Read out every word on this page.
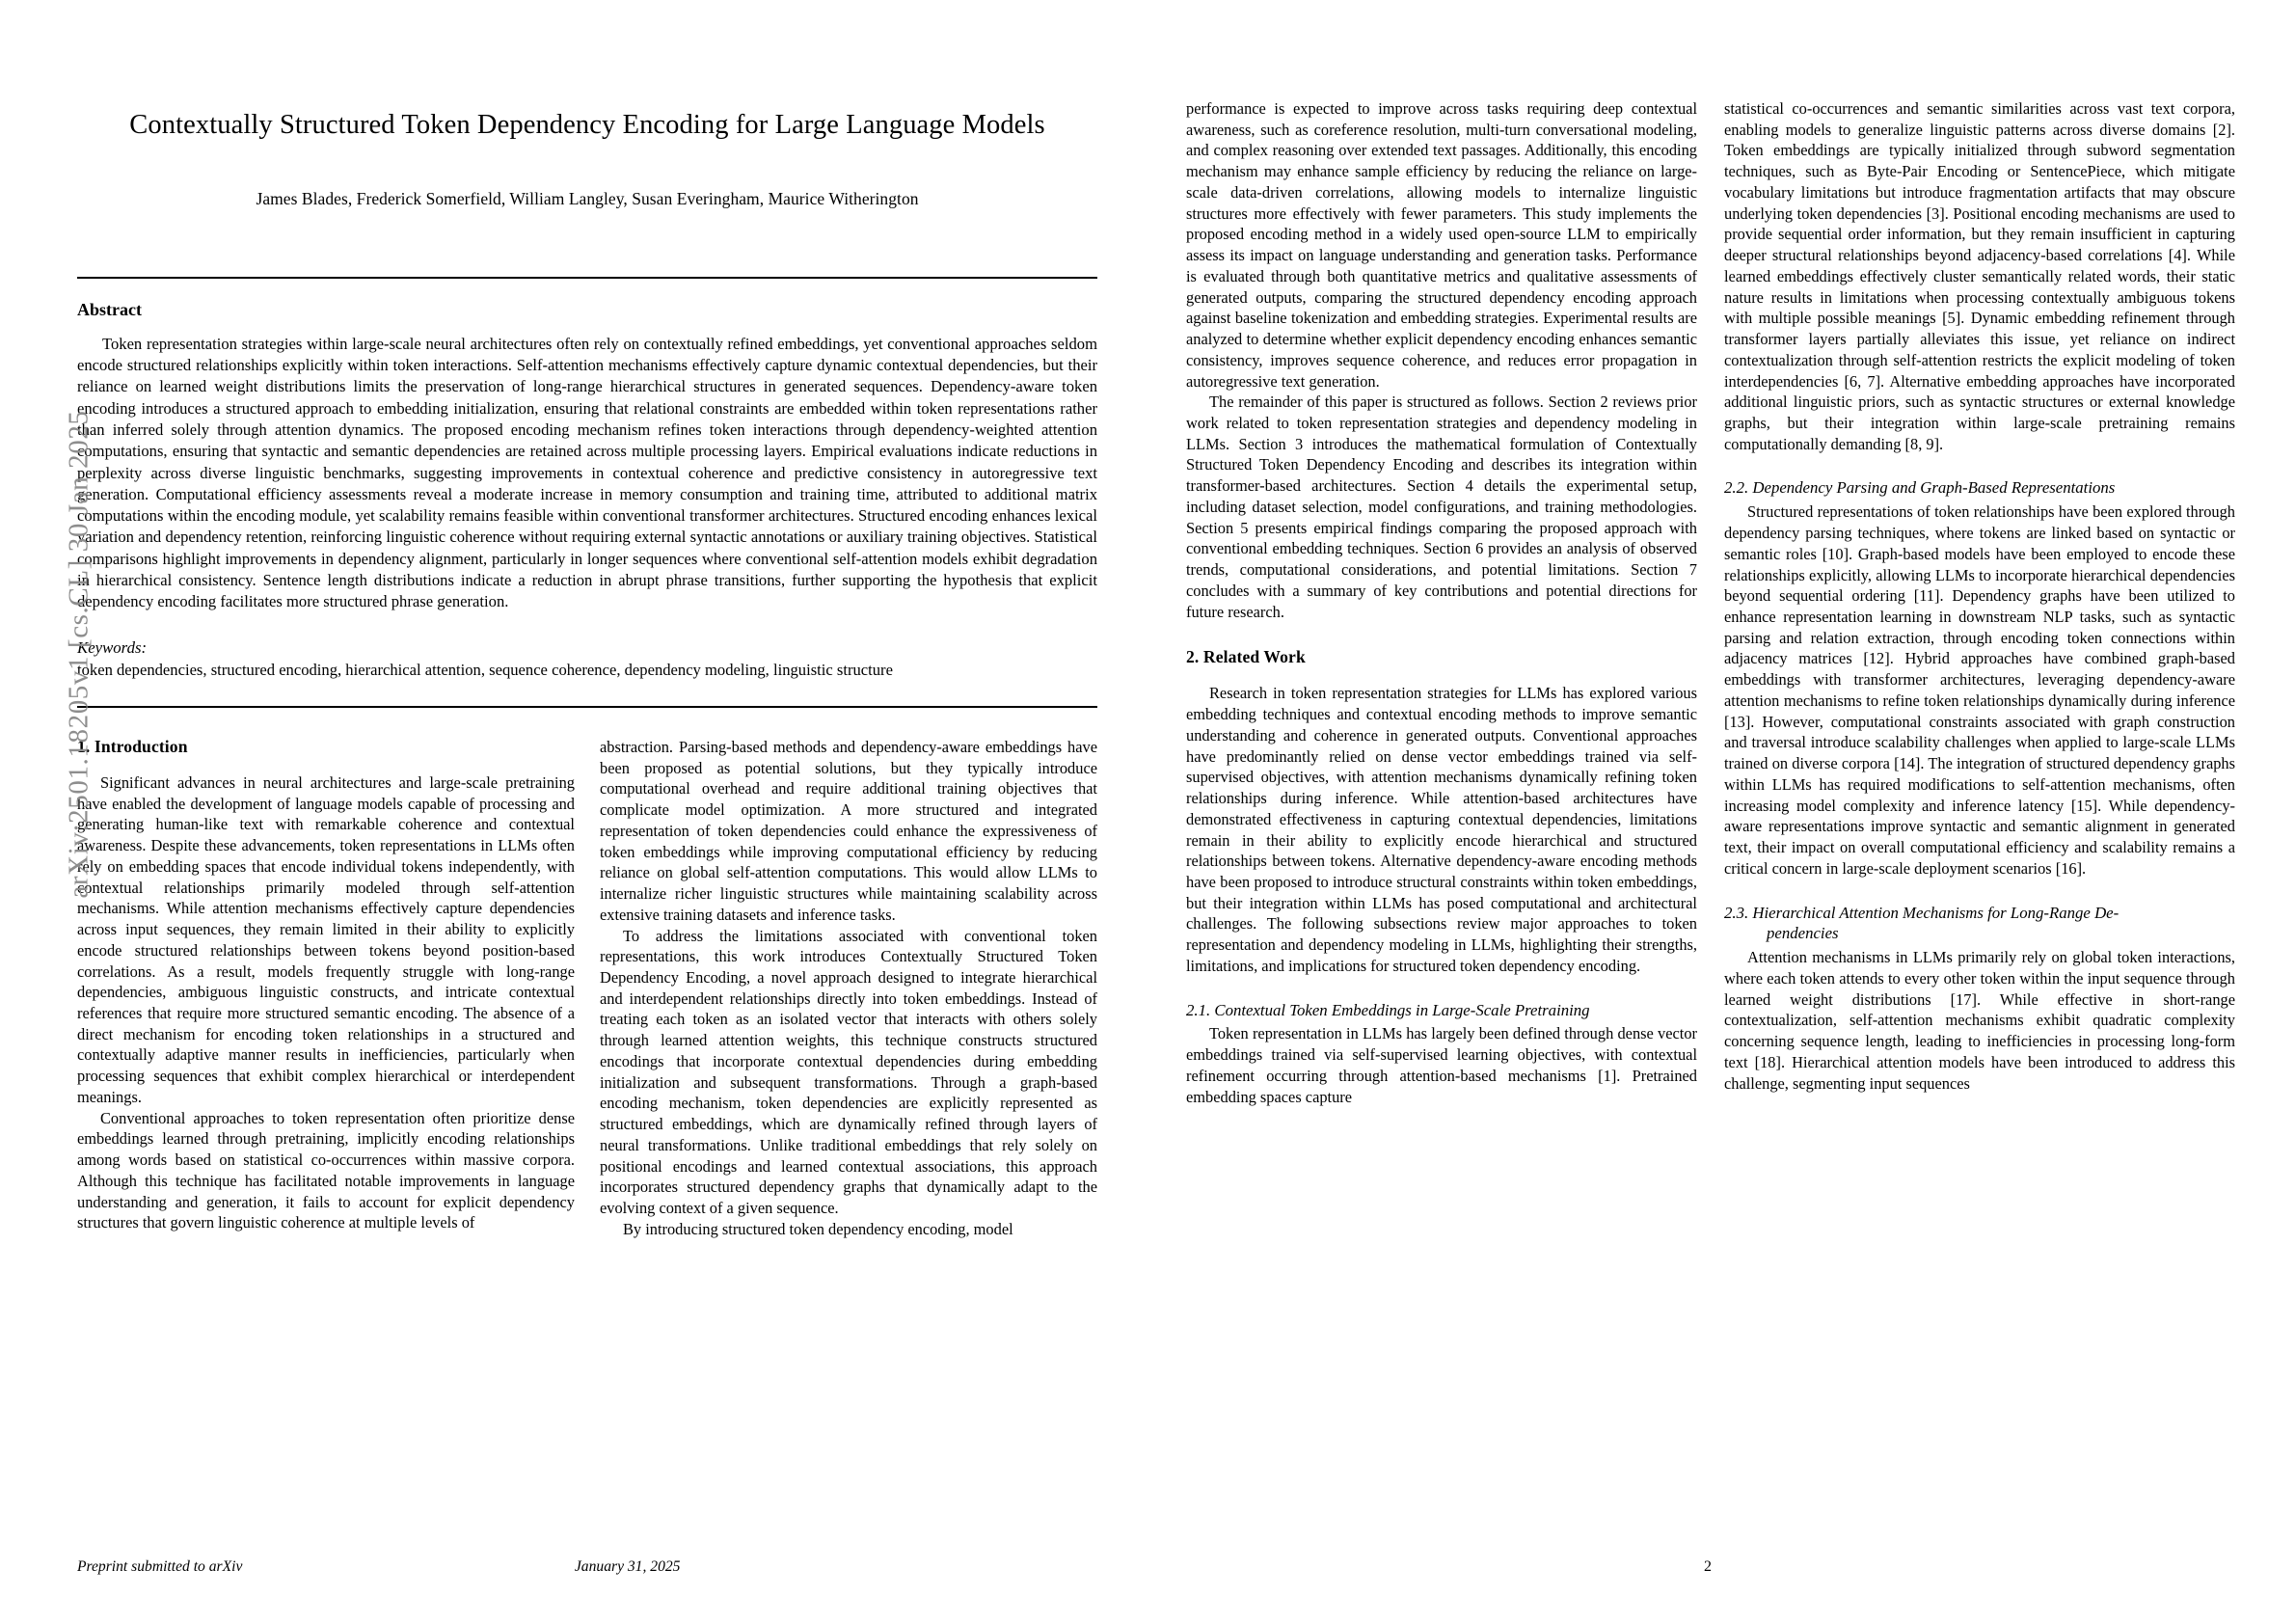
arXiv:2501.18205v1 [cs.CL] 30 Jan 2025
Contextually Structured Token Dependency Encoding for Large Language Models
James Blades, Frederick Somerfield, William Langley, Susan Everingham, Maurice Witherington
Abstract

Token representation strategies within large-scale neural architectures often rely on contextually refined embeddings, yet conventional approaches seldom encode structured relationships explicitly within token interactions. Self-attention mechanisms effectively capture dynamic contextual dependencies, but their reliance on learned weight distributions limits the preservation of long-range hierarchical structures in generated sequences. Dependency-aware token encoding introduces a structured approach to embedding initialization, ensuring that relational constraints are embedded within token representations rather than inferred solely through attention dynamics. The proposed encoding mechanism refines token interactions through dependency-weighted attention computations, ensuring that syntactic and semantic dependencies are retained across multiple processing layers. Empirical evaluations indicate reductions in perplexity across diverse linguistic benchmarks, suggesting improvements in contextual coherence and predictive consistency in autoregressive text generation. Computational efficiency assessments reveal a moderate increase in memory consumption and training time, attributed to additional matrix computations within the encoding module, yet scalability remains feasible within conventional transformer architectures. Structured encoding enhances lexical variation and dependency retention, reinforcing linguistic coherence without requiring external syntactic annotations or auxiliary training objectives. Statistical comparisons highlight improvements in dependency alignment, particularly in longer sequences where conventional self-attention models exhibit degradation in hierarchical consistency. Sentence length distributions indicate a reduction in abrupt phrase transitions, further supporting the hypothesis that explicit dependency encoding facilitates more structured phrase generation.

Keywords:
token dependencies, structured encoding, hierarchical attention, sequence coherence, dependency modeling, linguistic structure
1. Introduction

Significant advances in neural architectures and large-scale pretraining have enabled the development of language models capable of processing and generating human-like text with remarkable coherence and contextual awareness. Despite these advancements, token representations in LLMs often rely on embedding spaces that encode individual tokens independently, with contextual relationships primarily modeled through self-attention mechanisms. While attention mechanisms effectively capture dependencies across input sequences, they remain limited in their ability to explicitly encode structured relationships between tokens beyond position-based correlations. As a result, models frequently struggle with long-range dependencies, ambiguous linguistic constructs, and intricate contextual references that require more structured semantic encoding. The absence of a direct mechanism for encoding token relationships in a structured and contextually adaptive manner results in inefficiencies, particularly when processing sequences that exhibit complex hierarchical or interdependent meanings.

Conventional approaches to token representation often prioritize dense embeddings learned through pretraining, implicitly encoding relationships among words based on statistical co-occurrences within massive corpora. Although this technique has facilitated notable improvements in language understanding and generation, it fails to account for explicit dependency structures that govern linguistic coherence at multiple levels of

abstraction. Parsing-based methods and dependency-aware embeddings have been proposed as potential solutions, but they typically introduce computational overhead and require additional training objectives that complicate model optimization. A more structured and integrated representation of token dependencies could enhance the expressiveness of token embeddings while improving computational efficiency by reducing reliance on global self-attention computations. This would allow LLMs to internalize richer linguistic structures while maintaining scalability across extensive training datasets and inference tasks.

To address the limitations associated with conventional token representations, this work introduces Contextually Structured Token Dependency Encoding, a novel approach designed to integrate hierarchical and interdependent relationships directly into token embeddings. Instead of treating each token as an isolated vector that interacts with others solely through learned attention weights, this technique constructs structured encodings that incorporate contextual dependencies during embedding initialization and subsequent transformations. Through a graph-based encoding mechanism, token dependencies are explicitly represented as structured embeddings, which are dynamically refined through layers of neural transformations. Unlike traditional embeddings that rely solely on positional encodings and learned contextual associations, this approach incorporates structured dependency graphs that dynamically adapt to the evolving context of a given sequence.

By introducing structured token dependency encoding, model

Preprint submitted to arXiv	January 31, 2025

performance is expected to improve across tasks requiring deep contextual awareness, such as coreference resolution, multi-turn conversational modeling, and complex reasoning over extended text passages. Additionally, this encoding mechanism may enhance sample efficiency by reducing the reliance on large-scale data-driven correlations, allowing models to internalize linguistic structures more effectively with fewer parameters. This study implements the proposed encoding method in a widely used open-source LLM to empirically assess its impact on language understanding and generation tasks. Performance is evaluated through both quantitative metrics and qualitative assessments of generated outputs, comparing the structured dependency encoding approach against baseline tokenization and embedding strategies. Experimental results are analyzed to determine whether explicit dependency encoding enhances semantic consistency, improves sequence coherence, and reduces error propagation in autoregressive text generation.

The remainder of this paper is structured as follows. Section 2 reviews prior work related to token representation strategies and dependency modeling in LLMs. Section 3 introduces the mathematical formulation of Contextually Structured Token Dependency Encoding and describes its integration within transformer-based architectures. Section 4 details the experimental setup, including dataset selection, model configurations, and training methodologies. Section 5 presents empirical findings comparing the proposed approach with conventional embedding techniques. Section 6 provides an analysis of observed trends, computational considerations, and potential limitations. Section 7 concludes with a summary of key contributions and potential directions for future research.

2. Related Work

Research in token representation strategies for LLMs has explored various embedding techniques and contextual encoding methods to improve semantic understanding and coherence in generated outputs. Conventional approaches have predominantly relied on dense vector embeddings trained via self-supervised objectives, with attention mechanisms dynamically refining token relationships during inference. While attention-based architectures have demonstrated effectiveness in capturing contextual dependencies, limitations remain in their ability to explicitly encode hierarchical and structured relationships between tokens. Alternative dependency-aware encoding methods have been proposed to introduce structural constraints within token embeddings, but their integration within LLMs has posed computational and architectural challenges. The following subsections review major approaches to token representation and dependency modeling in LLMs, highlighting their strengths, limitations, and implications for structured token dependency encoding.

2.1. Contextual Token Embeddings in Large-Scale Pretraining

Token representation in LLMs has largely been defined through dense vector embeddings trained via self-supervised learning objectives, with contextual refinement occurring through attention-based mechanisms [1]. Pretrained embedding spaces capture

statistical co-occurrences and semantic similarities across vast text corpora, enabling models to generalize linguistic patterns across diverse domains [2]. Token embeddings are typically initialized through subword segmentation techniques, such as Byte-Pair Encoding or SentencePiece, which mitigate vocabulary limitations but introduce fragmentation artifacts that may obscure underlying token dependencies [3]. Positional encoding mechanisms are used to provide sequential order information, but they remain insufficient in capturing deeper structural relationships beyond adjacency-based correlations [4]. While learned embeddings effectively cluster semantically related words, their static nature results in limitations when processing contextually ambiguous tokens with multiple possible meanings [5]. Dynamic embedding refinement through transformer layers partially alleviates this issue, yet reliance on indirect contextualization through self-attention restricts the explicit modeling of token interdependencies [6, 7]. Alternative embedding approaches have incorporated additional linguistic priors, such as syntactic structures or external knowledge graphs, but their integration within large-scale pretraining remains computationally demanding [8, 9].

2.2. Dependency Parsing and Graph-Based Representations

Structured representations of token relationships have been explored through dependency parsing techniques, where tokens are linked based on syntactic or semantic roles [10]. Graph-based models have been employed to encode these relationships explicitly, allowing LLMs to incorporate hierarchical dependencies beyond sequential ordering [11]. Dependency graphs have been utilized to enhance representation learning in downstream NLP tasks, such as syntactic parsing and relation extraction, through encoding token connections within adjacency matrices [12]. Hybrid approaches have combined graph-based embeddings with transformer architectures, leveraging dependency-aware attention mechanisms to refine token relationships dynamically during inference [13]. However, computational constraints associated with graph construction and traversal introduce scalability challenges when applied to large-scale LLMs trained on diverse corpora [14]. The integration of structured dependency graphs within LLMs has required modifications to self-attention mechanisms, often increasing model complexity and inference latency [15]. While dependency-aware representations improve syntactic and semantic alignment in generated text, their impact on overall computational efficiency and scalability remains a critical concern in large-scale deployment scenarios [16].

2.3. Hierarchical Attention Mechanisms for Long-Range De-
pendencies

Attention mechanisms in LLMs primarily rely on global token interactions, where each token attends to every other token within the input sequence through learned weight distributions [17]. While effective in short-range contextualization, self-attention mechanisms exhibit quadratic complexity concerning sequence length, leading to inefficiencies in processing long-form text [18]. Hierarchical attention models have been introduced to address this challenge, segmenting input sequences

2
